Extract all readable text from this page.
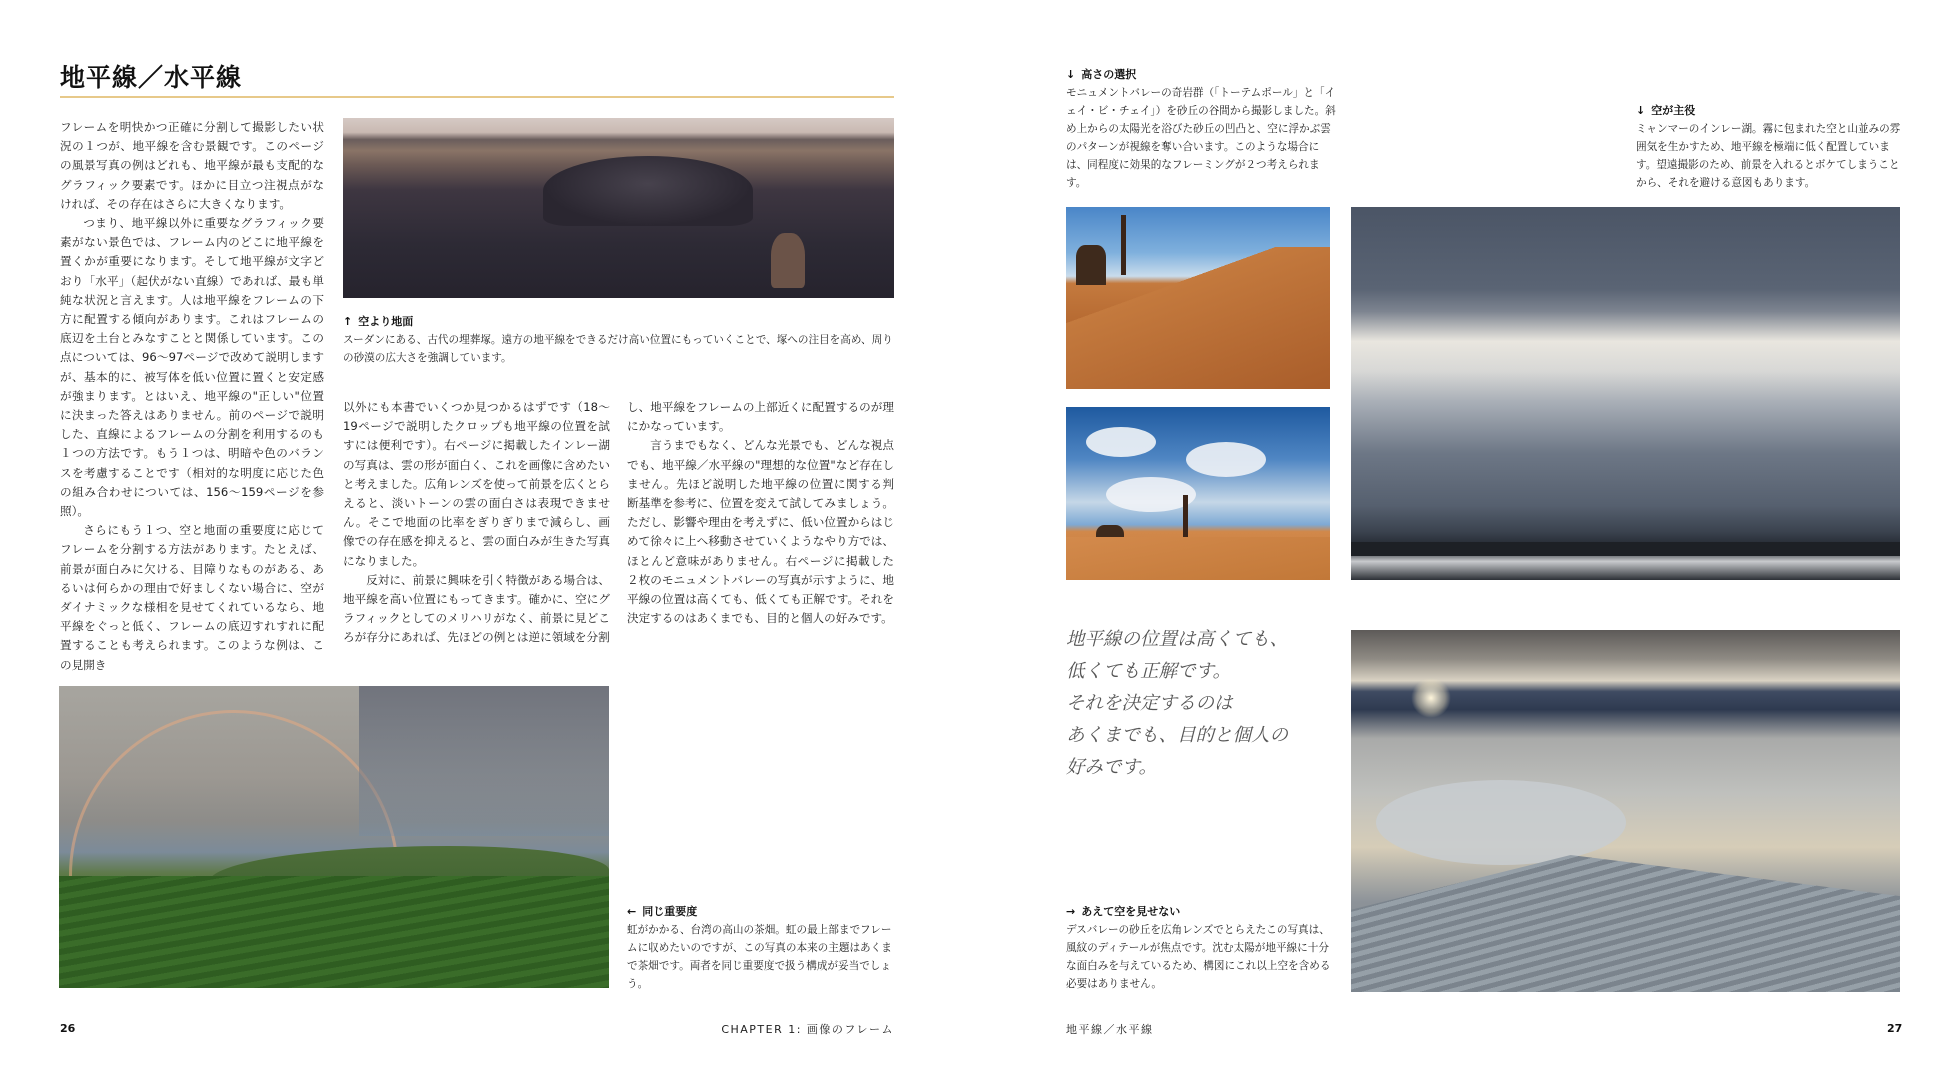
地平線／水平線

フレームを明快かつ正確に分割して撮影したい状況の１つが、地平線を含む景観です。このページの風景写真の例はどれも、地平線が最も支配的なグラフィック要素です。ほかに目立つ注視点がなければ、その存在はさらに大きくなります。

つまり、地平線以外に重要なグラフィック要素がない景色では、フレーム内のどこに地平線を置くかが重要になります。そして地平線が文字どおり「水平」（起伏がない直線）であれば、最も単純な状況と言えます。人は地平線をフレームの下方に配置する傾向があります。これはフレームの底辺を土台とみなすことと関係しています。この点については、96〜97ページで改めて説明しますが、基本的に、被写体を低い位置に置くと安定感が強まります。とはいえ、地平線の"正しい"位置に決まった答えはありません。前のページで説明した、直線によるフレームの分割を利用するのも１つの方法です。もう１つは、明暗や色のバランスを考慮することです（相対的な明度に応じた色の組み合わせについては、156〜159ページを参照）。

さらにもう１つ、空と地面の重要度に応じてフレームを分割する方法があります。たとえば、前景が面白みに欠ける、目障りなものがある、あるいは何らかの理由で好ましくない場合に、空がダイナミックな様相を見せてくれているなら、地平線をぐっと低く、フレームの底辺すれすれに配置することも考えられます。このような例は、この見開き

↑ 空より地面
スーダンにある、古代の埋葬塚。遠方の地平線をできるだけ高い位置にもっていくことで、塚への注目を高め、周りの砂漠の広大さを強調しています。

以外にも本書でいくつか見つかるはずです（18〜19ページで説明したクロップも地平線の位置を試すには便利です）。右ページに掲載したインレー湖の写真は、雲の形が面白く、これを画像に含めたいと考えました。広角レンズを使って前景を広くとらえると、淡いトーンの雲の面白さは表現できません。そこで地面の比率をぎりぎりまで減らし、画像での存在感を抑えると、雲の面白みが生きた写真になりました。

反対に、前景に興味を引く特徴がある場合は、地平線を高い位置にもってきます。確かに、空にグラフィックとしてのメリハリがなく、前景に見どころが存分にあれば、先ほどの例とは逆に領域を分割

し、地平線をフレームの上部近くに配置するのが理にかなっています。

言うまでもなく、どんな光景でも、どんな視点でも、地平線／水平線の"理想的な位置"など存在しません。先ほど説明した地平線の位置に関する判断基準を参考に、位置を変えて試してみましょう。ただし、影響や理由を考えずに、低い位置からはじめて徐々に上へ移動させていくようなやり方では、ほとんど意味がありません。右ページに掲載した２枚のモニュメントバレーの写真が示すように、地平線の位置は高くても、低くても正解です。それを決定するのはあくまでも、目的と個人の好みです。

← 同じ重要度
虹がかかる、台湾の高山の茶畑。虹の最上部までフレームに収めたいのですが、この写真の本来の主題はあくまで茶畑です。両者を同じ重要度で扱う構成が妥当でしょう。
26	CHAPTER 1: 画像のフレーム
↓ 高さの選択
モニュメントバレーの奇岩群（「トーテムポール」と「イェイ・ビ・チェイ」）を砂丘の谷間から撮影しました。斜め上からの太陽光を浴びた砂丘の凹凸と、空に浮かぶ雲のパターンが視線を奪い合います。このような場合には、同程度に効果的なフレーミングが２つ考えられます。
↓ 空が主役
ミャンマーのインレー湖。霧に包まれた空と山並みの雰囲気を生かすため、地平線を極端に低く配置しています。望遠撮影のため、前景を入れるとボケてしまうことから、それを避ける意図もあります。
地平線の位置は高くても、
低くても正解です。
それを決定するのは
あくまでも、目的と個人の
好みです。
→ あえて空を見せない
デスバレーの砂丘を広角レンズでとらえたこの写真は、風紋のディテールが焦点です。沈む太陽が地平線に十分な面白みを与えているため、構図にこれ以上空を含める必要はありません。
地平線／水平線	27
